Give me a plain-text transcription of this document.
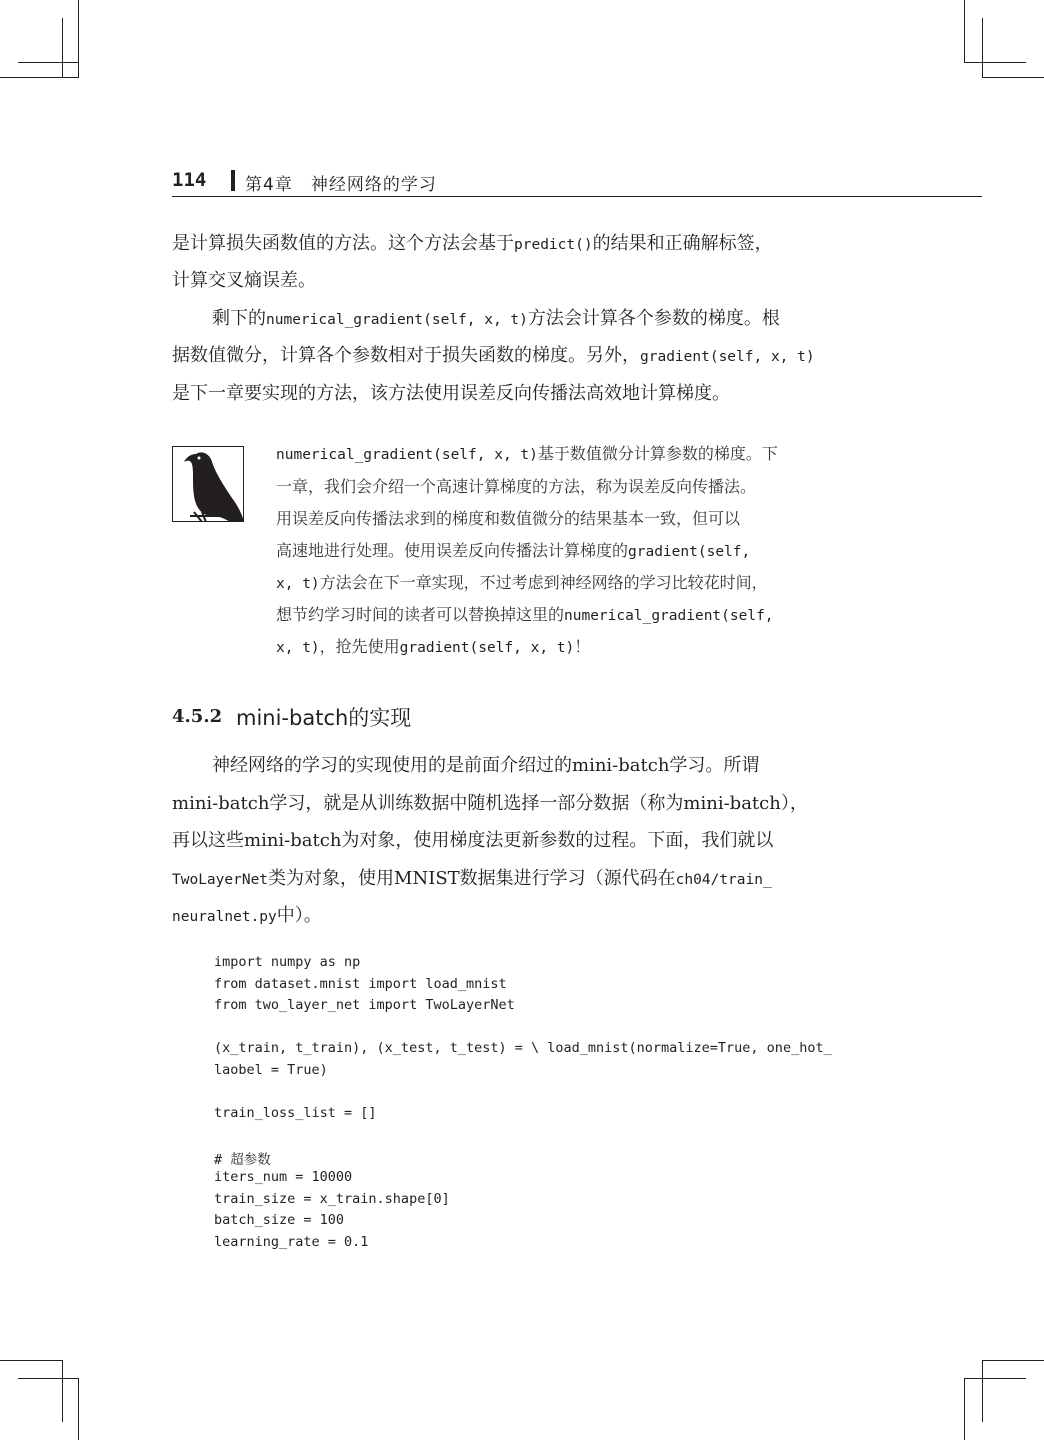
114 第4章　神经网络的学习
是计算损失函数值的方法。这个方法会基于predict()的结果和正确解标签，
计算交叉熵误差。
剩下的numerical_gradient(self, x, t)方法会计算各个参数的梯度。根
据数值微分，计算各个参数相对于损失函数的梯度。另外，gradient(self, x, t)
是下一章要实现的方法，该方法使用误差反向传播法高效地计算梯度。
numerical_gradient(self, x, t)基于数值微分计算参数的梯度。下
一章，我们会介绍一个高速计算梯度的方法，称为误差反向传播法。
用误差反向传播法求到的梯度和数值微分的结果基本一致，但可以
高速地进行处理。使用误差反向传播法计算梯度的gradient(self,
x, t)方法会在下一章实现，不过考虑到神经网络的学习比较花时间，
想节约学习时间的读者可以替换掉这里的numerical_gradient(self,
x, t)，抢先使用gradient(self, x, t)！
4.5.2 mini-batch的实现
神经网络的学习的实现使用的是前面介绍过的mini-batch学习。所谓
mini-batch学习，就是从训练数据中随机选择一部分数据（称为mini-batch），
再以这些mini-batch为对象，使用梯度法更新参数的过程。下面，我们就以
TwoLayerNet类为对象，使用MNIST数据集进行学习（源代码在ch04/train_
neuralnet.py中）。
import numpy as np
from dataset.mnist import load_mnist
from two_layer_net import TwoLayerNet
(x_train, t_train), (x_test, t_test) = \ load_mnist(normalize=True, one_hot_
laobel = True)
train_loss_list = []
# 超参数
iters_num = 10000
train_size = x_train.shape[0]
batch_size = 100
learning_rate = 0.1
